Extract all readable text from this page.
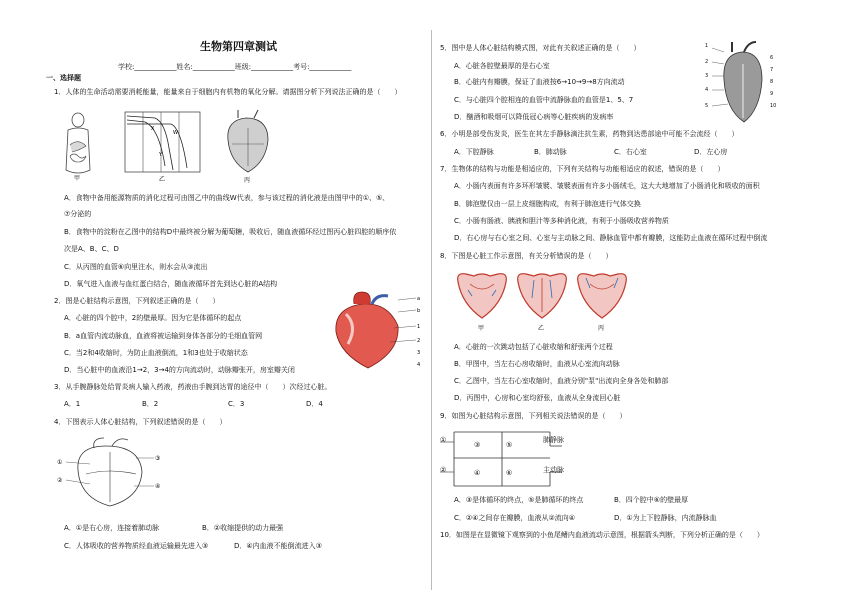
生物第四章测试
学校:____________姓名:____________班级:____________考号:____________
一、选择题
1．人体的生命活动需要消耗能量，能量来自于细胞内有机物的氧化分解。请据图分析下列说法正确的是（　　）
甲
X
W
Y
乙	丙
A．食物中备用能源物质的消化过程可由图乙中的曲线W代表，参与该过程的消化液是由图甲中的①、⑤、
⑦分泌的
B．食物中的淀粉在乙图中的结构D中最终被分解为葡萄糖，吸收后，随血液循环经过图丙心脏四腔的顺序依
次是A、B、C、D
C．从丙图的血管⑥向里注水，则水会从③流出
D．氧气进入血液与血红蛋白结合，随血液循环首先到达心脏的A结构
2．图是心脏结构示意图，下列叙述正确的是（　　）
A．心脏的四个腔中，2的壁最厚。因为它是体循环的起点
B．a血管内流动脉血，血液将被运输到身体各部分的毛细血管网
C．当2和4收缩时，为防止血液倒流，1和3也处于收缩状态
D．当心脏中的血液沿1→2，3→4的方向流动时，动脉瓣张开，房室瓣关闭
a
b
1
2
3
4
3．从手腕静脉处给胃炎病人输入药液，药液由手腕到达胃的途径中（　　）次经过心脏。
A．1	B．2	C．3	D．4
4．下图表示人体心脏结构，下列叙述错误的是（　　）
①
②
③
④
A．①是右心房，连接着肺动脉	B．②收缩提供的动力最强
C．人体吸收的营养物质经血液运输最先进入③	D．④内血液不能倒流进入③
5．图中是人体心脏结构模式图，对此有关叙述正确的是（　　）
A．心脏各腔壁最厚的是右心室
B．心脏内有瓣膜，保证了血液按6→10→9→8方向流动
C．与心脏四个腔相连的血管中流静脉血的血管是1、5、7
D．酗酒和吸烟可以降低冠心病等心脏疾病的发病率
1
2
3
4
5
6
7
8
9
10
6．小明是部受伤发炎，医生在其左手静脉滴注抗生素，药物到达患部途中可能不会流经（　　）
A．下腔静脉	B．肺动脉	C．右心室	D．左心房
7．生物体的结构与功能是相适应的，下列有关结构与功能相适应的叙述，错误的是（　　）
A．小肠内表面有许多环形皱襞、皱襞表面有许多小肠绒毛，这大大地增加了小肠消化和吸收的面积
B．肺泡壁仅由一层上皮细胞构成，有利于肺泡进行气体交换
C．小肠有肠液、胰液和胆汁等多种消化液，有利于小肠吸收营养物质
D．右心房与右心室之间、心室与主动脉之间、静脉血管中都有瓣膜，这能防止血液在循环过程中倒流
8．下图是心脏工作示意图，有关分析错误的是（　　）
甲	乙	丙
A．心脏的一次跳动包括了心脏收缩和舒张两个过程
B．甲图中，当左右心房收缩时，血液从心室流向动脉
C．乙图中，当左右心室收缩时，血液分别"泵"出流向全身各处和肺部
D．丙图中，心房和心室均舒张，血液从全身流回心脏
9．如图为心脏结构示意图，下列相关说法错误的是（　　）
①
②
③
④
⑤
⑥
肺静脉
主动脉
A．③是体循环的终点，⑤是肺循环的终点	B．四个腔中⑥的壁最厚
C．②④之间存在瓣膜，血液从②流向④	D．①为上下腔静脉，内流静脉血
10．如图是在显微镜下观察到的小鱼尾鳍内血液流动示意图，根据箭头判断，下列分析正确的是（　　）
